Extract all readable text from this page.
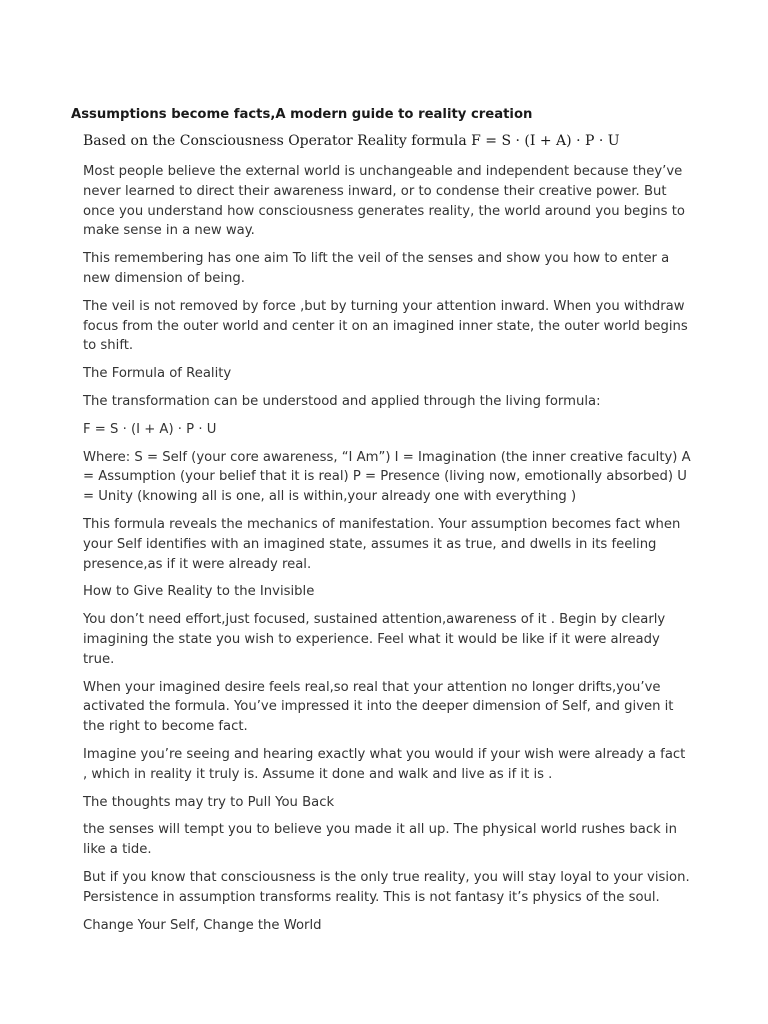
Assumptions become facts,A modern guide to reality creation

Based on the Consciousness Operator Reality formula F = S · (I + A) · P · U

Most people believe the external world is unchangeable and independent because they’ve never learned to direct their awareness inward, or to condense their creative power. But once you understand how consciousness generates reality, the world around you begins to make sense in a new way.

This remembering has one aim To lift the veil of the senses and show you how to enter a new dimension of being.

The veil is not removed by force ,but by turning your attention inward. When you withdraw focus from the outer world and center it on an imagined inner state, the outer world begins to shift.

The Formula of Reality

The transformation can be understood and applied through the living formula:

F = S · (I + A) · P · U

Where: S = Self (your core awareness, “I Am”) I = Imagination (the inner creative faculty) A = Assumption (your belief that it is real) P = Presence (living now, emotionally absorbed) U = Unity (knowing all is one, all is within,your already one with everything )

This formula reveals the mechanics of manifestation. Your assumption becomes fact when your Self identifies with an imagined state, assumes it as true, and dwells in its feeling presence,as if it were already real.

How to Give Reality to the Invisible

You don’t need effort,just focused, sustained attention,awareness of it . Begin by clearly imagining the state you wish to experience. Feel what it would be like if it were already true.

When your imagined desire feels real,so real that your attention no longer drifts,you’ve activated the formula. You’ve impressed it into the deeper dimension of Self, and given it the right to become fact.

Imagine you’re seeing and hearing exactly what you would if your wish were already a fact , which in reality it truly is. Assume it done and walk and live as if it is .

The thoughts may try to Pull You Back

the senses will tempt you to believe you made it all up. The physical world rushes back in like a tide.

But if you know that consciousness is the only true reality, you will stay loyal to your vision. Persistence in assumption transforms reality. This is not fantasy it’s physics of the soul.

Change Your Self, Change the World
